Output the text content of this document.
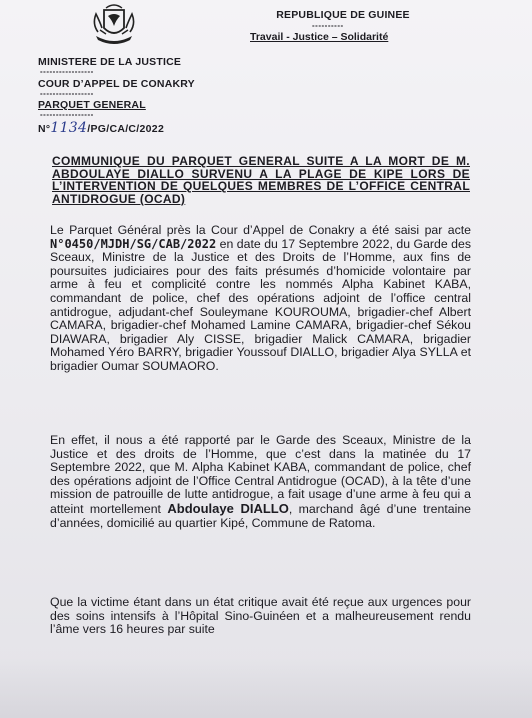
REPUBLIQUE DE GUINEE
----------
Travail - Justice – Solidarité
MINISTERE DE LA JUSTICE
-----------------
COUR D’APPEL DE CONAKRY
-----------------
PARQUET GENERAL
-----------------
N°1134/PG/CA/C/2022
COMMUNIQUE DU PARQUET GENERAL SUITE A LA MORT DE M. ABDOULAYE DIALLO SURVENU A LA PLAGE DE KIPE LORS DE L’INTERVENTION DE QUELQUES MEMBRES DE L’OFFICE CENTRAL ANTIDROGUE (OCAD)
Le Parquet Général près la Cour d’Appel de Conakry a été saisi par acte N°0450/MJDH/SG/CAB/2022 en date du 17 Septembre 2022, du Garde des Sceaux, Ministre de la Justice et des Droits de l’Homme, aux fins de poursuites judiciaires pour des faits présumés d’homicide volontaire par arme à feu et complicité contre les nommés Alpha Kabinet KABA, commandant de police, chef des opérations adjoint de l’office central antidrogue, adjudant-chef Souleymane KOUROUMA, brigadier-chef Albert CAMARA, brigadier-chef Mohamed Lamine CAMARA, brigadier-chef Sékou DIAWARA, brigadier Aly CISSE, brigadier Malick CAMARA, brigadier Mohamed Yéro BARRY, brigadier Youssouf DIALLO, brigadier Alya SYLLA et brigadier Oumar SOUMAORO.
En effet, il nous a été rapporté par le Garde des Sceaux, Ministre de la Justice et des droits de l’Homme, que c’est dans la matinée du 17 Septembre 2022, que M. Alpha Kabinet KABA, commandant de police, chef des opérations adjoint de l’Office Central Antidrogue (OCAD), à la tête d’une mission de patrouille de lutte antidrogue, a fait usage d’une arme à feu qui a atteint mortellement Abdoulaye DIALLO, marchand âgé d’une trentaine d’années, domicilié au quartier Kipé, Commune de Ratoma.
Que la victime étant dans un état critique avait été reçue aux urgences pour des soins intensifs à l’Hôpital Sino-Guinéen et a malheureusement rendu l’âme vers 16 heures par suite
